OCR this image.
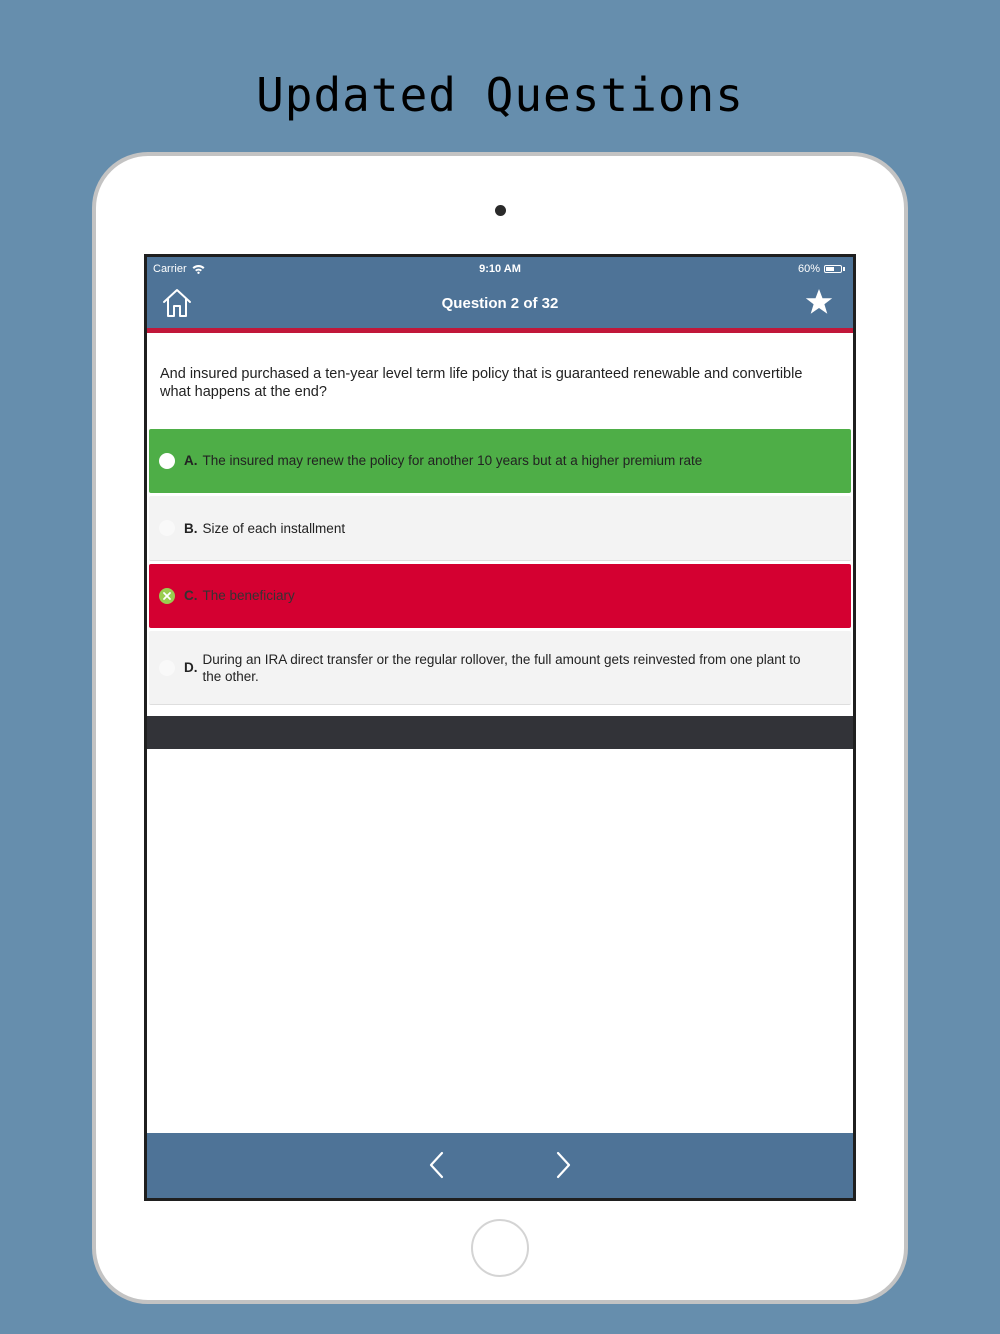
Updated Questions
Carrier	9:10 AM	60%
Question 2 of 32
And insured purchased a ten-year level term life policy that is guaranteed renewable and convertible what happens at the end?
A. The insured may renew the policy for another 10 years but at a higher premium rate
B. Size of each installment
C. The beneficiary
D.
During an IRA direct transfer or the regular rollover, the full amount gets reinvested from one plant to the other.
